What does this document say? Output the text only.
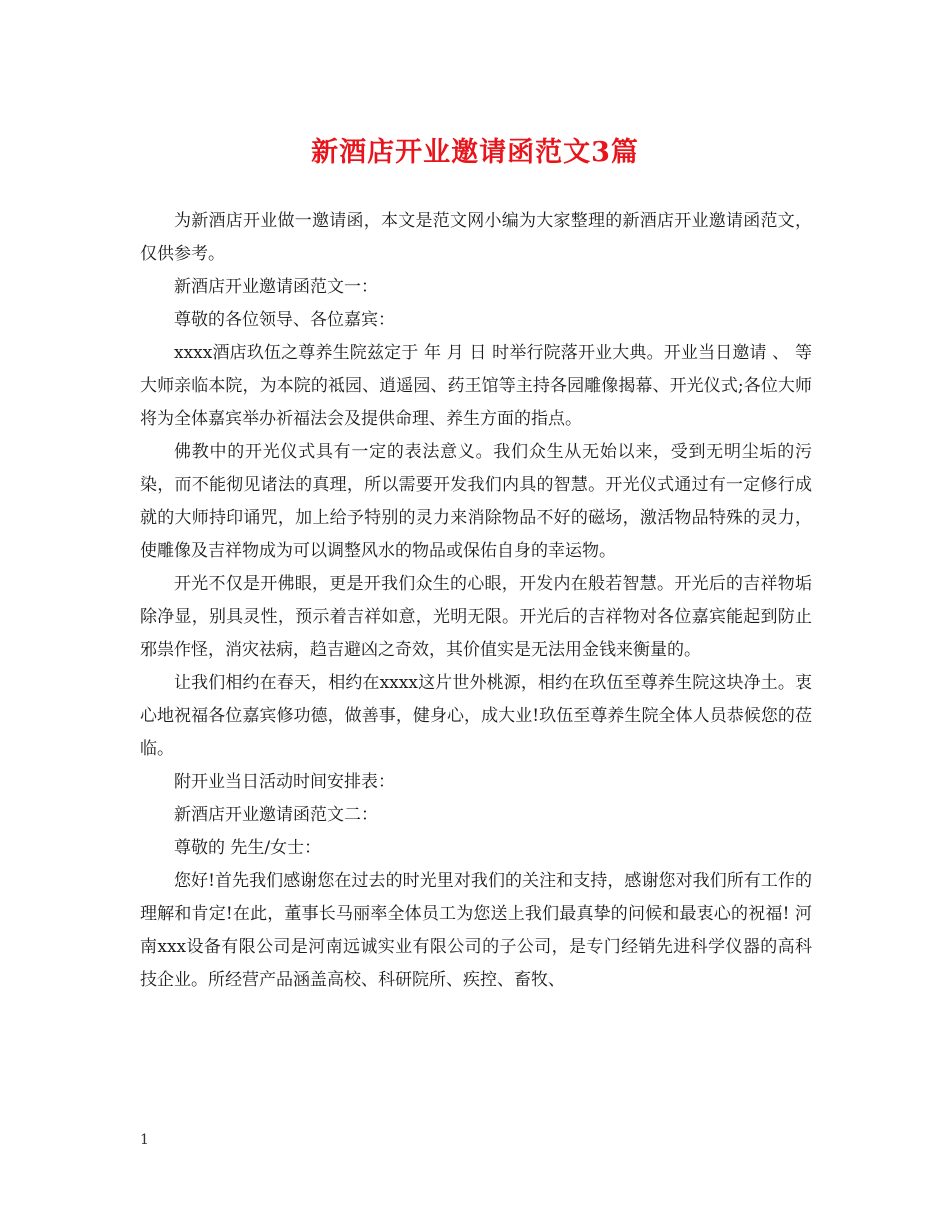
新酒店开业邀请函范文3篇

为新酒店开业做一邀请函，本文是范文网小编为大家整理的新酒店开业邀请函范文，仅供参考。

新酒店开业邀请函范文一：

尊敬的各位领导、各位嘉宾：

xxxx酒店玖伍之尊养生院兹定于 年 月 日 时举行院落开业大典。开业当日邀请 、 等大师亲临本院，为本院的祗园、逍遥园、药王馆等主持各园雕像揭幕、开光仪式;各位大师将为全体嘉宾举办祈福法会及提供命理、养生方面的指点。

佛教中的开光仪式具有一定的表法意义。我们众生从无始以来，受到无明尘垢的污染，而不能彻见诸法的真理，所以需要开发我们内具的智慧。开光仪式通过有一定修行成就的大师持印诵咒，加上给予特别的灵力来消除物品不好的磁场，激活物品特殊的灵力，使雕像及吉祥物成为可以调整风水的物品或保佑自身的幸运物。

开光不仅是开佛眼，更是开我们众生的心眼，开发内在般若智慧。开光后的吉祥物垢除净显，别具灵性，预示着吉祥如意，光明无限。开光后的吉祥物对各位嘉宾能起到防止邪祟作怪，消灾祛病，趋吉避凶之奇效，其价值实是无法用金钱来衡量的。

让我们相约在春天，相约在xxxx这片世外桃源，相约在玖伍至尊养生院这块净土。衷心地祝福各位嘉宾修功德，做善事，健身心，成大业!玖伍至尊养生院全体人员恭候您的莅临。

附开业当日活动时间安排表：

新酒店开业邀请函范文二：

尊敬的 先生/女士：

您好!首先我们感谢您在过去的时光里对我们的关注和支持，感谢您对我们所有工作的理解和肯定!在此，董事长马丽率全体员工为您送上我们最真挚的问候和最衷心的祝福! 河南xxx设备有限公司是河南远诚实业有限公司的子公司，是专门经销先进科学仪器的高科技企业。所经营产品涵盖高校、科研院所、疾控、畜牧、

1
